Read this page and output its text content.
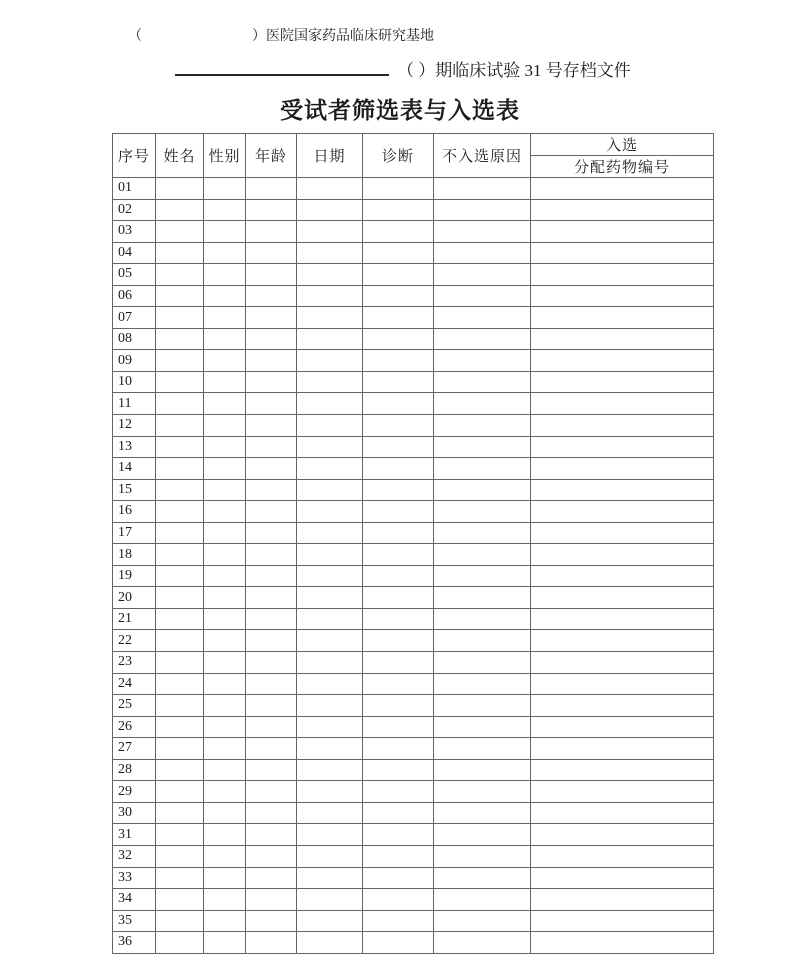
（	）医院国家药品临床研究基地
（ ）期临床试验 31 号存档文件
受试者筛选表与入选表
序号	姓名	性别	年龄	日期	诊断	不入选原因	入选
							分配药物编号
01							
02							
03							
04							
05							
06							
07							
08							
09							
10							
11							
12							
13							
14							
15							
16							
17							
18							
19							
20							
21							
22							
23							
24							
25							
26							
27							
28							
29							
30							
31							
32							
33							
34							
35							
36							
